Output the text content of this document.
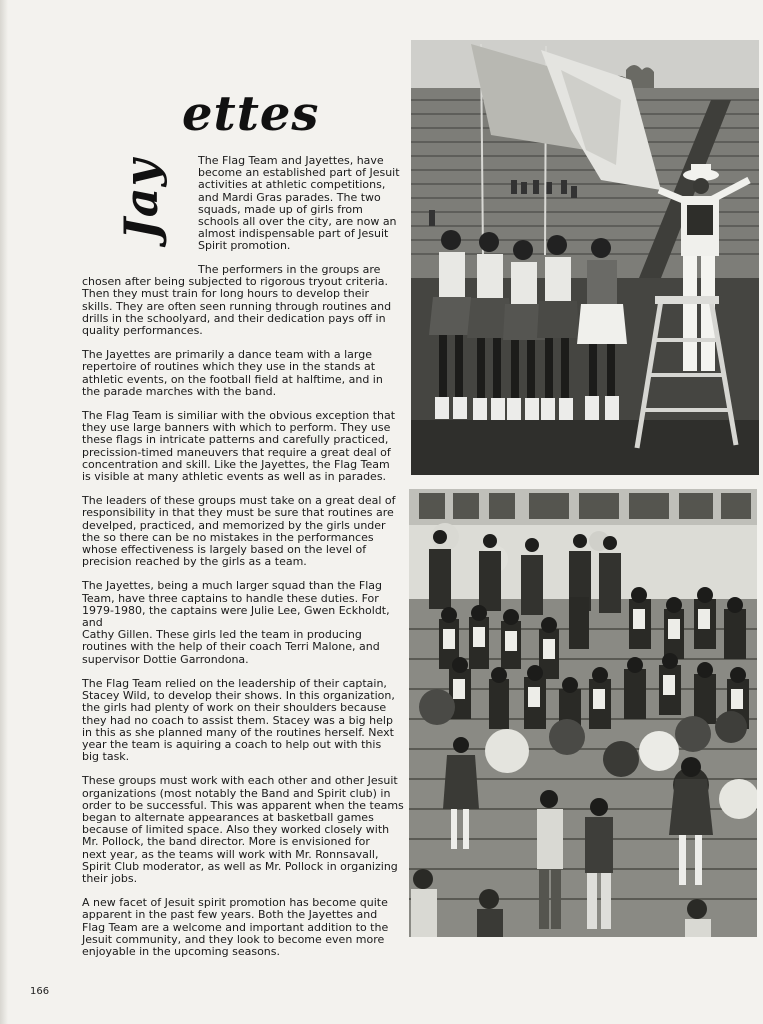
Jay
ettes

The Flag Team and Jayettes, have
become an established part of Jesuit
activities at athletic competitions,
and Mardi Gras parades. The two
squads, made up of girls from
schools all over the city, are now an
almost indispensable part of Jesuit
Spirit promotion.

The performers in the groups are
chosen after being subjected to rigorous tryout criteria.
Then they must train for long hours to develop their
skills. They are often seen running through routines and
drills in the schoolyard, and their dedication pays off in
quality performances.

The Jayettes are primarily a dance team with a large
repertoire of routines which they use in the stands at
athletic events, on the football field at halftime, and in
the parade marches with the band.

The Flag Team is similiar with the obvious exception that
they use large banners with which to perform. They use
these flags in intricate patterns and carefully practiced,
precission-timed maneuvers that require a great deal of
concentration and skill. Like the Jayettes, the Flag Team
is visible at many athletic events as well as in parades.

The leaders of these groups must take on a great deal of
responsibility in that they must be sure that routines are
develped, practiced, and memorized by the girls under
the so there can be no mistakes in the performances
whose effectiveness is largely based on the level of
precision reached by the girls as a team.

The Jayettes, being a much larger squad than the Flag
Team, have three captains to handle these duties. For
1979-1980, the captains were Julie Lee, Gwen Eckholdt, and
Cathy Gillen. These girls led the team in producing
routines with the help of their coach Terri Malone, and
supervisor Dottie Garrondona.

The Flag Team relied on the leadership of their captain,
Stacey Wild, to develop their shows. In this organization,
the girls had plenty of work on their shoulders because
they had no coach to assist them. Stacey was a big help
in this as she planned many of the routines herself. Next
year the team is aquiring a coach to help out with this
big task.

These groups must work with each other and other Jesuit
organizations (most notably the Band and Spirit club) in
order to be successful. This was apparent when the teams
began to alternate appearances at basketball games
because of limited space. Also they worked closely with
Mr. Pollock, the band director. More is envisioned for
next year, as the teams will work with Mr. Ronnsavall,
Spirit Club moderator, as well as Mr. Pollock in organizing
their jobs.

A new facet of Jesuit spirit promotion has become quite
apparent in the past few years. Both the Jayettes and
Flag Team are a welcome and important addition to the
Jesuit community, and they look to become even more
enjoyable in the upcoming seasons.

166
